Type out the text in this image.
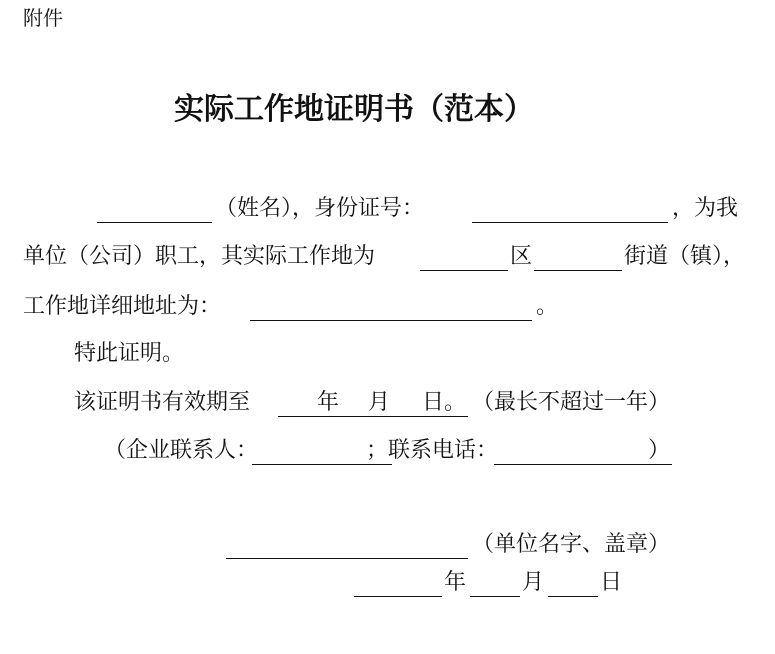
附件
实际工作地证明书（范本）
（姓名），身份证号：	，为我
单位（公司）职工，其实际工作地为	区	街道（镇），
工作地详细地址为：	。
特此证明。
该证明书有效期至	年 月 日。 （最长不超过一年）
（企业联系人：	；联系电话：	）
（单位名字、盖章）
年	月	日
